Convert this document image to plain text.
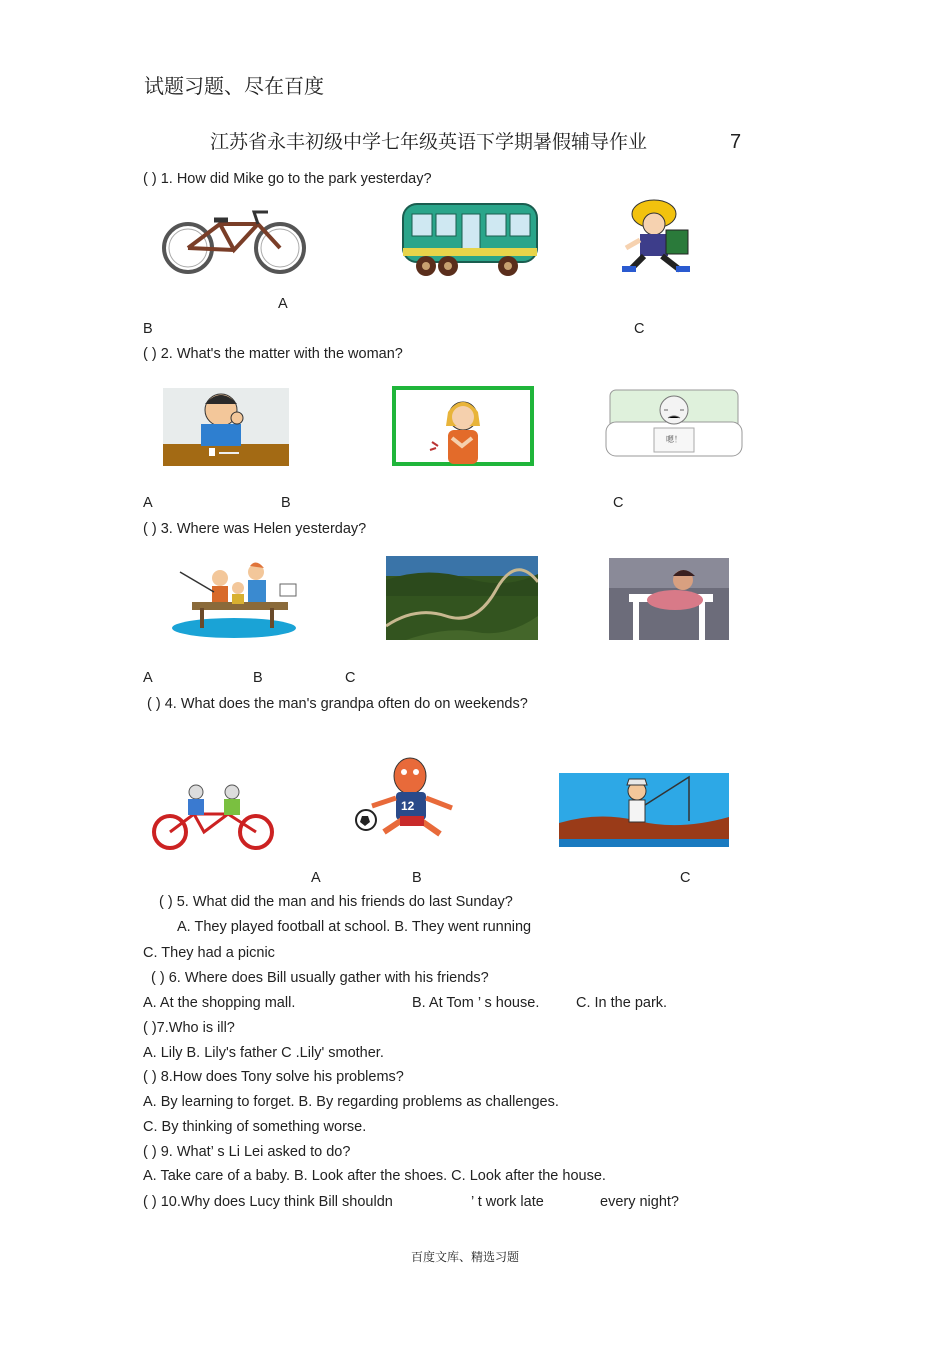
试题习题、尽在百度
江苏省永丰初级中学七年级英语下学期暑假辅导作业	7
( ) 1. How did Mike go to the park yesterday?
A
B	C
( ) 2. What's the matter with the woman?
嗯！
A	B	C
( ) 3. Where was Helen yesterday?
A	B	C
( ) 4. What does the man's grandpa often do on weekends?
12
A	B	C
( ) 5. What did the man and his friends do last Sunday?
A. They played football at school. B. They went running
C. They had a picnic
( ) 6. Where does Bill usually gather with his friends?
A. At the shopping mall.	B. At Tom ’ s house.	C. In the park.
( )7.Who is ill?
A. Lily B. Lily's father C .Lily' smother.
( ) 8.How does Tony solve his problems?
A. By learning to forget. B. By regarding problems as challenges.
C. By thinking of something worse.
( ) 9. What’ s Li Lei asked to do?
A. Take care of a baby. B. Look after the shoes. C. Look after the house.
( ) 10.Why does Lucy think Bill shouldn	’ t work late	every night?
百度文库、精选习题
